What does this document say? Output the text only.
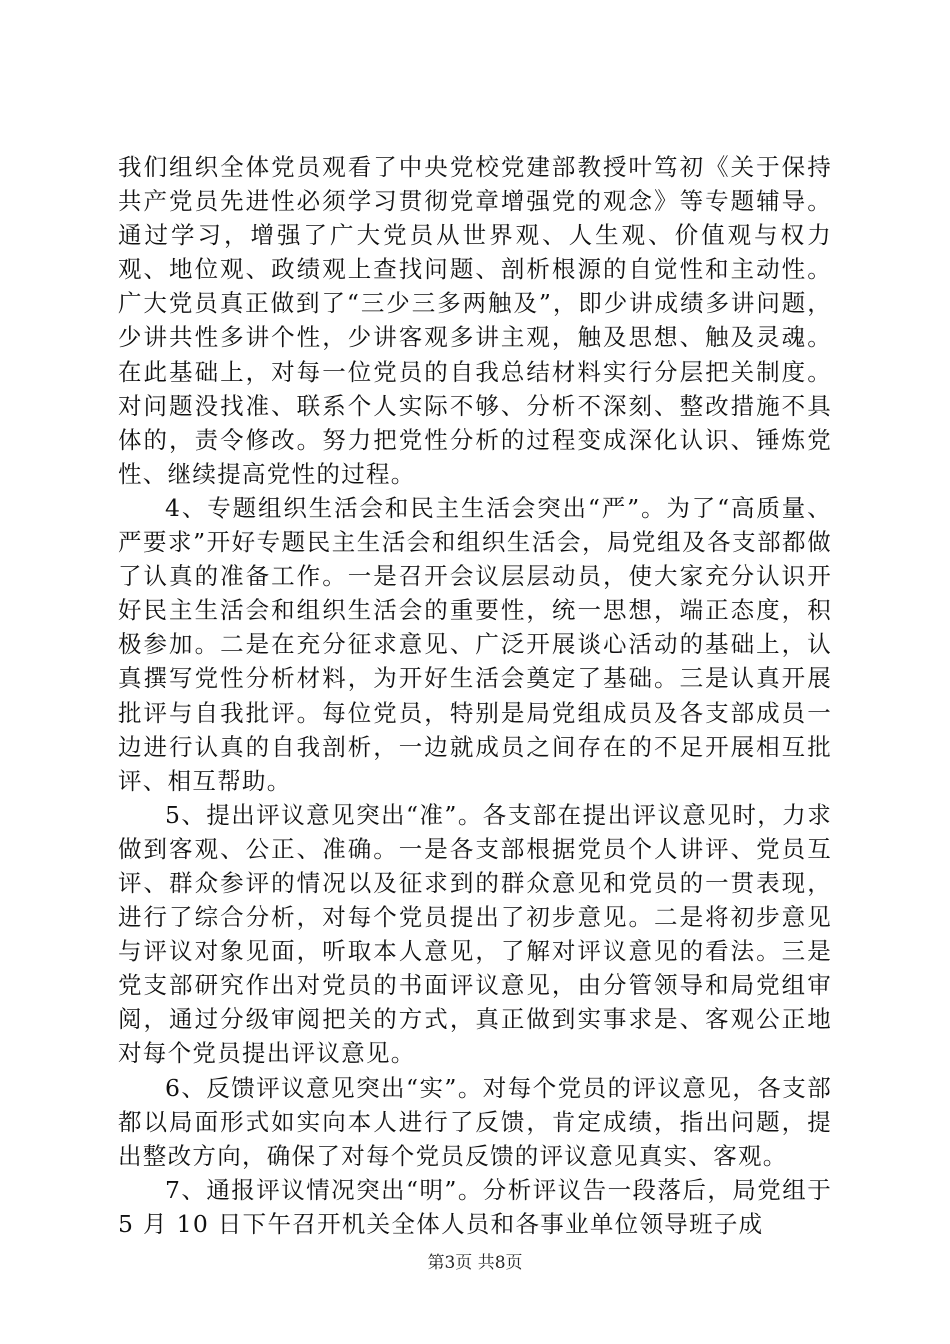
我们组织全体党员观看了中央党校党建部教授叶笃初《关于保持共产党员先进性必须学习贯彻党章增强党的观念》等专题辅导。通过学习，增强了广大党员从世界观、人生观、价值观与权力观、地位观、政绩观上查找问题、剖析根源的自觉性和主动性。广大党员真正做到了“三少三多两触及”，即少讲成绩多讲问题，少讲共性多讲个性，少讲客观多讲主观，触及思想、触及灵魂。在此基础上，对每一位党员的自我总结材料实行分层把关制度。对问题没找准、联系个人实际不够、分析不深刻、整改措施不具体的，责令修改。努力把党性分析的过程变成深化认识、锤炼党性、继续提高党性的过程。

4、专题组织生活会和民主生活会突出“严”。为了“高质量、严要求”开好专题民主生活会和组织生活会，局党组及各支部都做了认真的准备工作。一是召开会议层层动员，使大家充分认识开好民主生活会和组织生活会的重要性，统一思想，端正态度，积极参加。二是在充分征求意见、广泛开展谈心活动的基础上，认真撰写党性分析材料，为开好生活会奠定了基础。三是认真开展批评与自我批评。每位党员，特别是局党组成员及各支部成员一边进行认真的自我剖析，一边就成员之间存在的不足开展相互批评、相互帮助。

5、提出评议意见突出“准”。各支部在提出评议意见时，力求做到客观、公正、准确。一是各支部根据党员个人讲评、党员互评、群众参评的情况以及征求到的群众意见和党员的一贯表现，进行了综合分析，对每个党员提出了初步意见。二是将初步意见与评议对象见面，听取本人意见，了解对评议意见的看法。三是党支部研究作出对党员的书面评议意见，由分管领导和局党组审阅，通过分级审阅把关的方式，真正做到实事求是、客观公正地对每个党员提出评议意见。

6、反馈评议意见突出“实”。对每个党员的评议意见，各支部都以局面形式如实向本人进行了反馈，肯定成绩，指出问题，提出整改方向，确保了对每个党员反馈的评议意见真实、客观。

7、通报评议情况突出“明”。分析评议告一段落后，局党组于 5 月 10 日下午召开机关全体人员和各事业单位领导班子成

第3页 共8页
